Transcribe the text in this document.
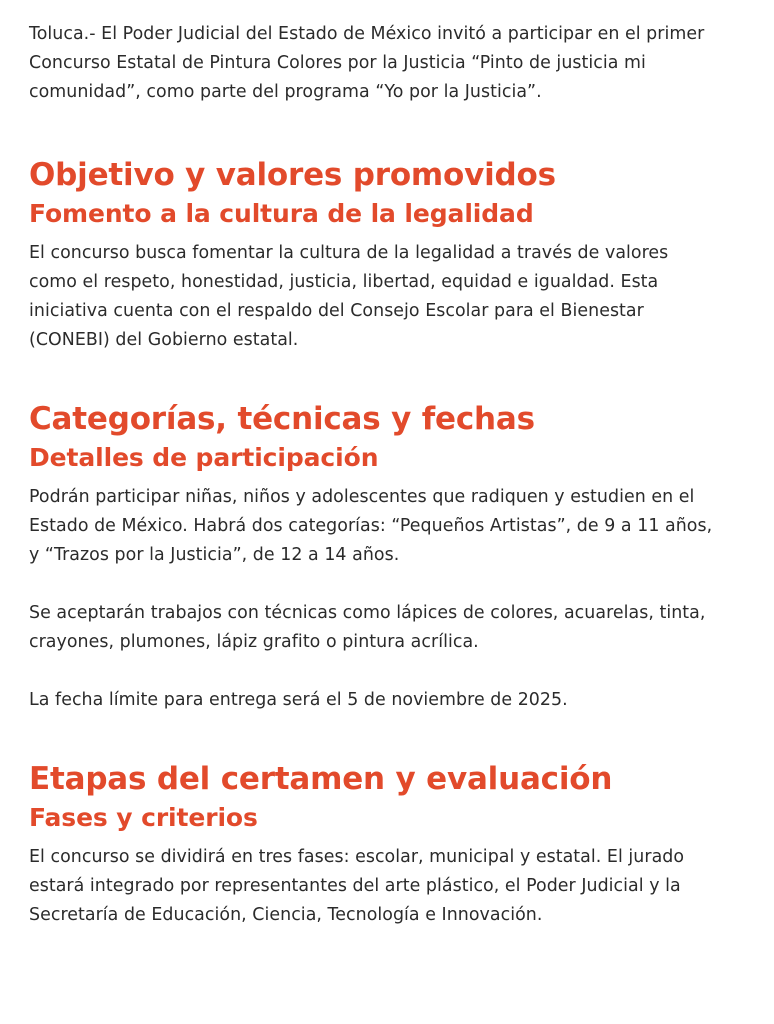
Toluca.- El Poder Judicial del Estado de México invitó a participar en el primer Concurso Estatal de Pintura Colores por la Justicia “Pinto de justicia mi comunidad”, como parte del programa “Yo por la Justicia”.

Objetivo y valores promovidos
Fomento a la cultura de la legalidad

El concurso busca fomentar la cultura de la legalidad a través de valores como el respeto, honestidad, justicia, libertad, equidad e igualdad. Esta iniciativa cuenta con el respaldo del Consejo Escolar para el Bienestar (CONEBI) del Gobierno estatal.

Categorías, técnicas y fechas
Detalles de participación

Podrán participar niñas, niños y adolescentes que radiquen y estudien en el Estado de México. Habrá dos categorías: “Pequeños Artistas”, de 9 a 11 años, y “Trazos por la Justicia”, de 12 a 14 años.

Se aceptarán trabajos con técnicas como lápices de colores, acuarelas, tinta, crayones, plumones, lápiz grafito o pintura acrílica.

La fecha límite para entrega será el 5 de noviembre de 2025.

Etapas del certamen y evaluación
Fases y criterios

El concurso se dividirá en tres fases: escolar, municipal y estatal. El jurado estará integrado por representantes del arte plástico, el Poder Judicial y la Secretaría de Educación, Ciencia, Tecnología e Innovación.
